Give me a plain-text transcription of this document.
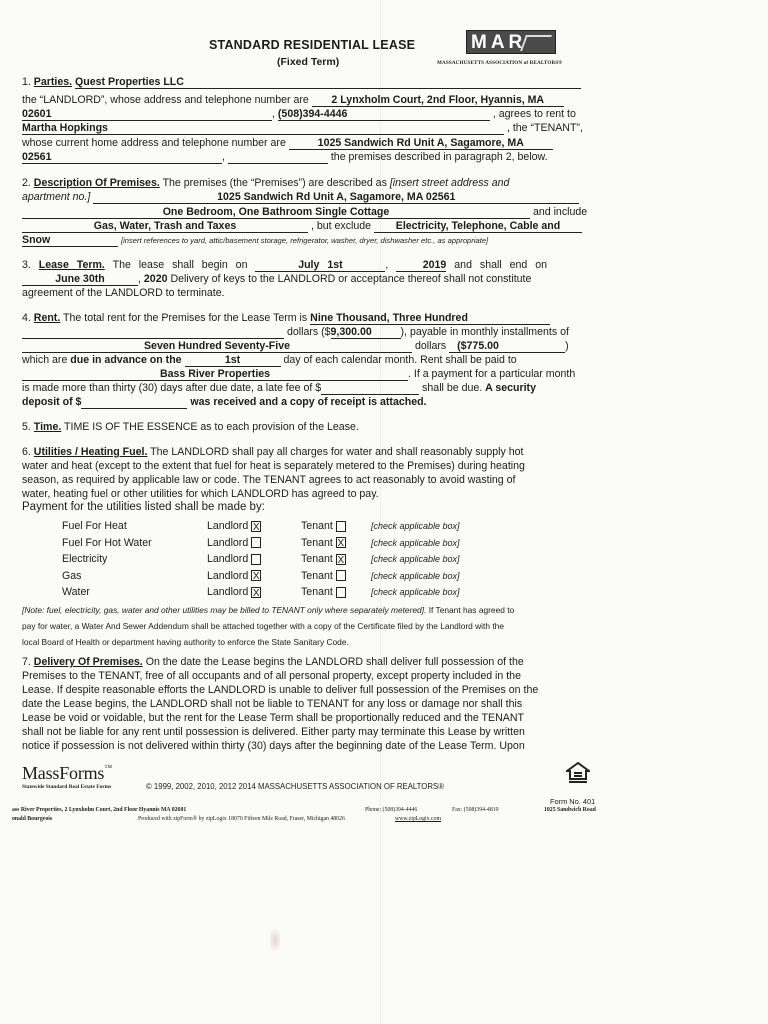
STANDARD RESIDENTIAL LEASE
(Fixed Term)
MAR
MASSACHUSETTS ASSOCIATION of REALTORS®
1. Parties. Quest Properties LLC
the “LANDLORD”, whose address and telephone number are 2 Lynxholm Court, 2nd Floor, Hyannis, MA
02601	, (508)394-4446	, agrees to rent to
Martha Hopkings	, the “TENANT”,
whose current home address and telephone number are	1025 Sandwich Rd Unit A, Sagamore, MA
02561	,	the premises described in paragraph 2, below.
2. Description Of Premises. The premises (the “Premises”) are described as [insert street address and
apartment no.]	1025 Sandwich Rd Unit A, Sagamore, MA 02561
One Bedroom, One Bathroom Single Cottage	and include
Gas, Water, Trash and Taxes	, but exclude Electricity, Telephone, Cable and
Snow	[insert references to yard, attic/basement storage, refrigerator, washer, dryer, dishwasher etc., as appropriate]
3. Lease Term. The lease shall begin on	July 1st	,	2019 and shall end on
June 30th	, 2020 Delivery of keys to the LANDLORD or acceptance thereof shall not constitute
agreement of the LANDLORD to terminate.
4. Rent. The total rent for the Premises for the Lease Term is Nine Thousand, Three Hundred
dollars ($9,300.00	), payable in monthly installments of
Seven Hundred Seventy-Five	dollars ($775.00	)
which are due in advance on the	1st	day of each calendar month. Rent shall be paid to
Bass River Properties	. If a payment for a particular month
is made more than thirty (30) days after due date, a late fee of $	shall be due. A security
deposit of $	was received and a copy of receipt is attached.
5. Time. TIME IS OF THE ESSENCE as to each provision of the Lease.
6. Utilities / Heating Fuel. The LANDLORD shall pay all charges for water and shall reasonably supply hot
water and heat (except to the extent that fuel for heat is separately metered to the Premises) during heating
season, as required by applicable law or code. The TENANT agrees to act reasonably to avoid wasting of
water, heating fuel or other utilities for which LANDLORD has agreed to pay.
Payment for the utilities listed shall be made by:
Fuel For Heat	Landlord X	Tenant	[check applicable box]
Fuel For Hot Water	Landlord	Tenant X	[check applicable box]
Electricity	Landlord	Tenant X	[check applicable box]
Gas	Landlord X	Tenant	[check applicable box]
Water	Landlord X	Tenant	[check applicable box]
[Note: fuel, electricity, gas, water and other utilities may be billed to TENANT only where separately metered]. If Tenant has agreed to
pay for water, a Water And Sewer Addendum shall be attached together with a copy of the Certificate filed by the Landlord with the
local Board of Health or department having authority to enforce the State Sanitary Code.
7. Delivery Of Premises. On the date the Lease begins the LANDLORD shall deliver full possession of the
Premises to the TENANT, free of all occupants and of all personal property, except property included in the
Lease. If despite reasonable efforts the LANDLORD is unable to deliver full possession of the Premises on the
date the Lease begins, the LANDLORD shall not be liable to TENANT for any loss or damage nor shall this
Lease be void or voidable, but the rent for the Lease Term shall be proportionally reduced and the TENANT
shall not be liable for any rent until possession is delivered. Either party may terminate this Lease by written
notice if possession is not delivered within thirty (30) days after the beginning date of the Lease Term. Upon
MassForms™
Statewide Standard Real Estate Forms	© 1999, 2002, 2010, 2012 2014 MASSACHUSETTS ASSOCIATION OF REALTORS®
Form No. 401
1025 Sandwich Road
ass River Properties, 2 Lynxholm Court, 2nd Floor Hyannis MA 02601	Phone: (508)394-4446	Fax: (508)394-4819
onald Bourgeois	Produced with zipForm® by zipLogix 18070 Fifteen Mile Road, Fraser, Michigan 48026	www.zipLogix.com
